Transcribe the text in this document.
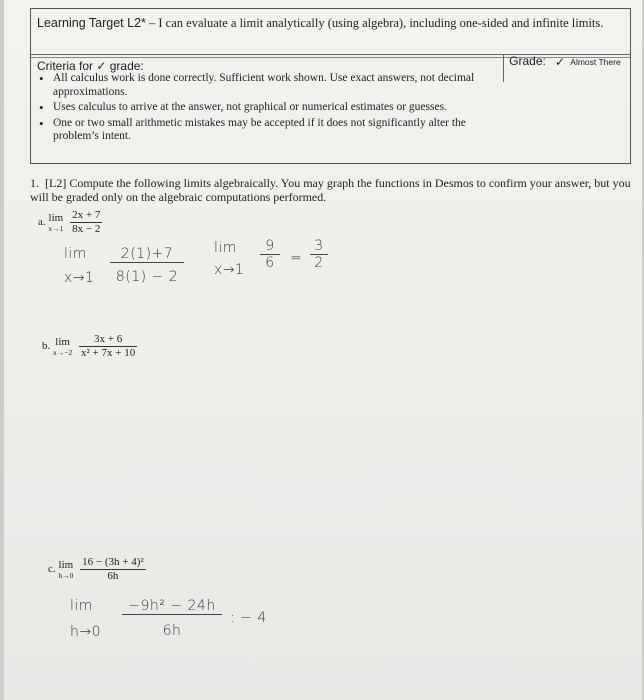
Learning Target L2* – I can evaluate a limit analytically (using algebra), including one-sided and infinite limits.
Criteria for ✓ grade:
• All calculus work is done correctly. Sufficient work shown. Use exact answers, not decimal approximations.
• Uses calculus to arrive at the answer, not graphical or numerical estimates or guesses.
• One or two small arithmetic mistakes may be accepted if it does not significantly alter the problem’s intent.
Grade: ✓ Almost There
1. [L2] Compute the following limits algebraically. You may graph the functions in Desmos to confirm your answer, but you will be graded only on the algebraic computations performed.
a. lim
x→1
$\frac{2x + 7}{8x - 2}$
lim
$x\to 1 \frac{2(1)+7}{8(1) - 2}$ lim
$x\to 1 \frac{9}{6} = \frac{3}{2}$
b. lim
x→−2
$\frac{3x + 6}{\text{x² + 7x + 10}}$
c. lim
h→0
$\frac{\text{16 − (3h + 4)²}}{6h}$
lim
$h\to 0 \frac{\text{−9h² − 24h}}{6h}$ : − 4
